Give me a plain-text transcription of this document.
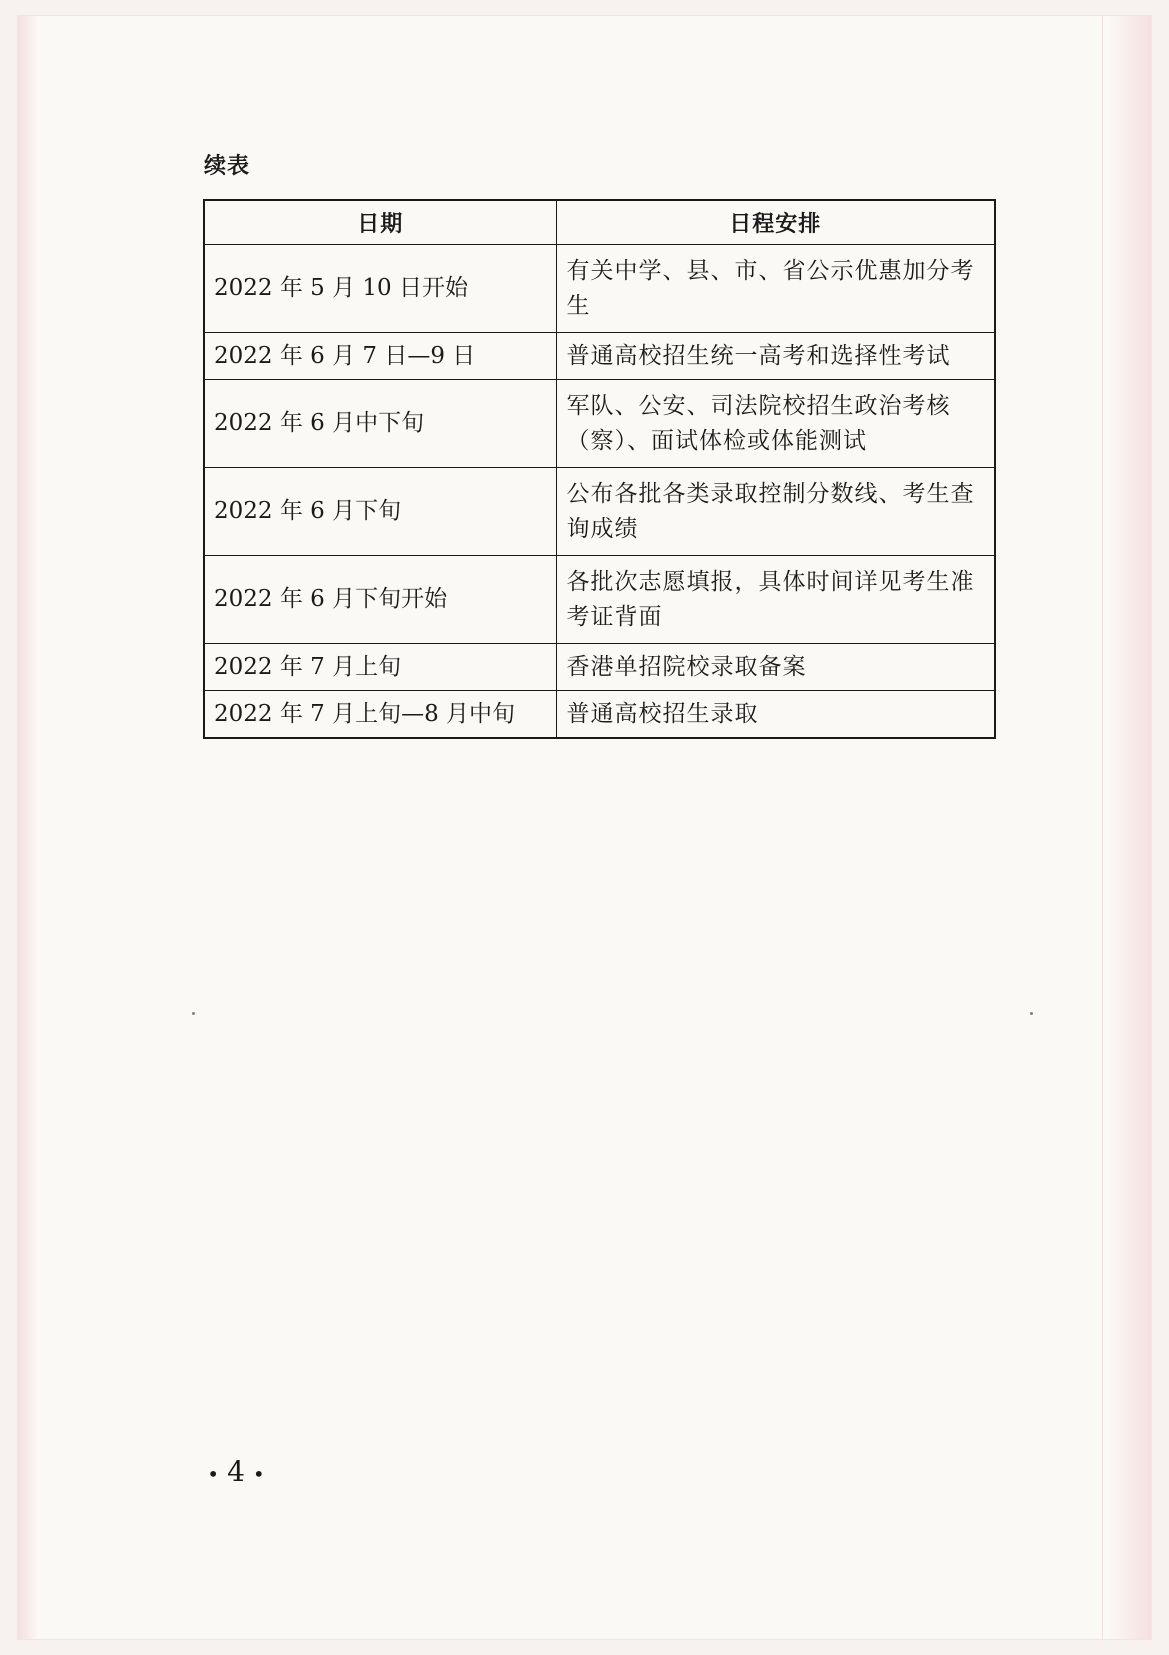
续表
日期	日程安排
2022 年 5 月 10 日开始	有关中学、县、市、省公示优惠加分考生
2022 年 6 月 7 日—9 日	普通高校招生统一高考和选择性考试
2022 年 6 月中下旬	军队、公安、司法院校招生政治考核（察）、面试体检或体能测试
2022 年 6 月下旬	公布各批各类录取控制分数线、考生查询成绩
2022 年 6 月下旬开始	各批次志愿填报，具体时间详见考生准考证背面
2022 年 7 月上旬	香港单招院校录取备案
2022 年 7 月上旬—8 月中旬	普通高校招生录取
• 4 •
